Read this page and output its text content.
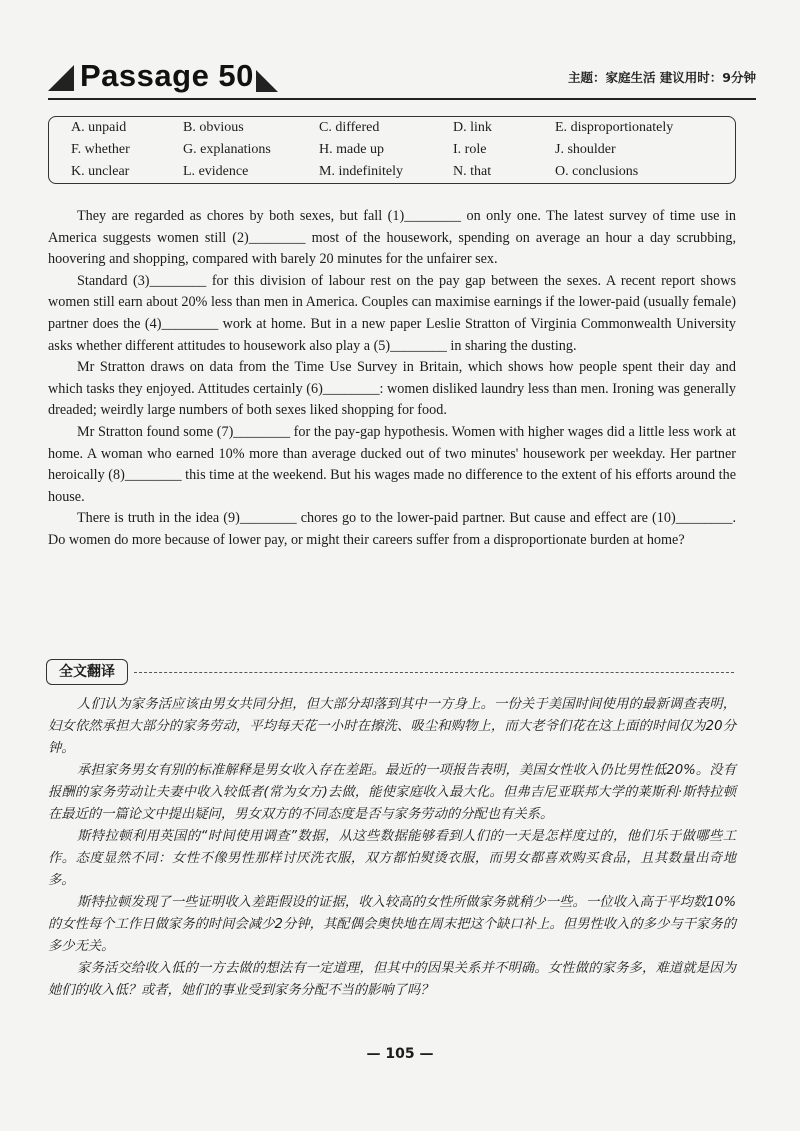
Passage 50	主题：家庭生活 建议用时：9分钟
A. unpaid	B. obvious	C. differed	D. link	E. disproportionately
F. whether	G. explanations	H. made up	I. role	J. shoulder
K. unclear	L. evidence	M. indefinitely	N. that	O. conclusions

They are regarded as chores by both sexes, but fall (1)________ on only one. The latest survey of time use in America suggests women still (2)________ most of the housework, spending on average an hour a day scrubbing, hoovering and shopping, compared with barely 20 minutes for the unfairer sex.

Standard (3)________ for this division of labour rest on the pay gap between the sexes. A recent report shows women still earn about 20% less than men in America. Couples can maximise earnings if the lower-paid (usually female) partner does the (4)________ work at home. But in a new paper Leslie Stratton of Virginia Commonwealth University asks whether different attitudes to housework also play a (5)________ in sharing the dusting.

Mr Stratton draws on data from the Time Use Survey in Britain, which shows how people spent their day and which tasks they enjoyed. Attitudes certainly (6)________: women disliked laundry less than men. Ironing was generally dreaded; weirdly large numbers of both sexes liked shopping for food.

Mr Stratton found some (7)________ for the pay-gap hypothesis. Women with higher wages did a little less work at home. A woman who earned 10% more than average ducked out of two minutes' housework per weekday. Her partner heroically (8)________ this time at the weekend. But his wages made no difference to the extent of his efforts around the house.

There is truth in the idea (9)________ chores go to the lower-paid partner. But cause and effect are (10)________. Do women do more because of lower pay, or might their careers suffer from a disproportionate burden at home?

全文翻译

人们认为家务活应该由男女共同分担，但大部分却落到其中一方身上。一份关于美国时间使用的最新调查表明，妇女依然承担大部分的家务劳动，平均每天花一小时在擦洗、吸尘和购物上，而大老爷们花在这上面的时间仅为20分钟。

承担家务男女有别的标准解释是男女收入存在差距。最近的一项报告表明，美国女性收入仍比男性低20%。没有报酬的家务劳动让夫妻中收入较低者(常为女方)去做，能使家庭收入最大化。但弗吉尼亚联邦大学的莱斯利·斯特拉顿在最近的一篇论文中提出疑问，男女双方的不同态度是否与家务劳动的分配也有关系。

斯特拉顿利用英国的“时间使用调查”数据，从这些数据能够看到人们的一天是怎样度过的，他们乐于做哪些工作。态度显然不同：女性不像男性那样讨厌洗衣服，双方都怕熨烫衣服，而男女都喜欢购买食品，且其数量出奇地多。

斯特拉顿发现了一些证明收入差距假设的证据，收入较高的女性所做家务就稍少一些。一位收入高于平均数10%的女性每个工作日做家务的时间会减少2分钟，其配偶会奥快地在周末把这个缺口补上。但男性收入的多少与干家务的多少无关。

家务活交给收入低的一方去做的想法有一定道理，但其中的因果关系并不明确。女性做的家务多，难道就是因为她们的收入低？或者，她们的事业受到家务分配不当的影响了吗？

— 105 —
